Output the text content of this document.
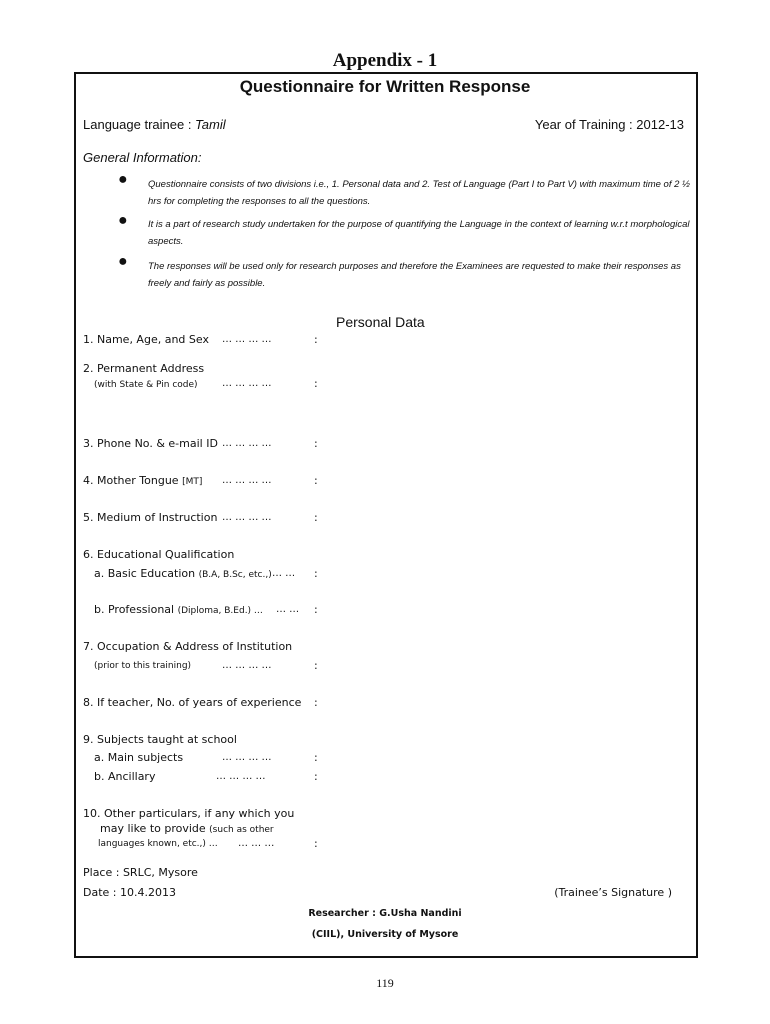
Appendix - 1
Questionnaire for Written Response
Language trainee : Tamil	Year of Training : 2012-13
General Information:
● Questionnaire consists of two divisions i.e., 1. Personal data and 2. Test of Language (Part I to Part V) with maximum time of 2 ½ hrs for completing the responses to all the questions.
● It is a part of research study undertaken for the purpose of quantifying the Language in the context of learning w.r.t morphological aspects.
● The responses will be used only for research purposes and therefore the Examinees are requested to make their responses as freely and fairly as possible.
Personal Data
1. Name, Age, and Sex … … … …	:
2. Permanent Address
(with State & Pin code) … … … …	:
3. Phone No. & e-mail ID … … … …	:
4. Mother Tongue [MT] … … … …	:
5. Medium of Instruction … … … …	:
6. Educational Qualification
a. Basic Education (B.A, B.Sc, etc.,) … … :
b. Professional (Diploma, B.Ed.) … … … :
7. Occupation & Address of Institution
(prior to this training)	… … … …	:
8. If teacher, No. of years of experience :
9. Subjects taught at school
a. Main subjects	… … … …	:
b. Ancillary	… … … …	:
10. Other particulars, if any which you
may like to provide (such as other
languages known, etc.,) … … … …	:
Place : SRLC, Mysore
Date : 10.4.2013	(Trainee’s Signature )
Researcher : G.Usha Nandini
(CIIL), University of Mysore
119
